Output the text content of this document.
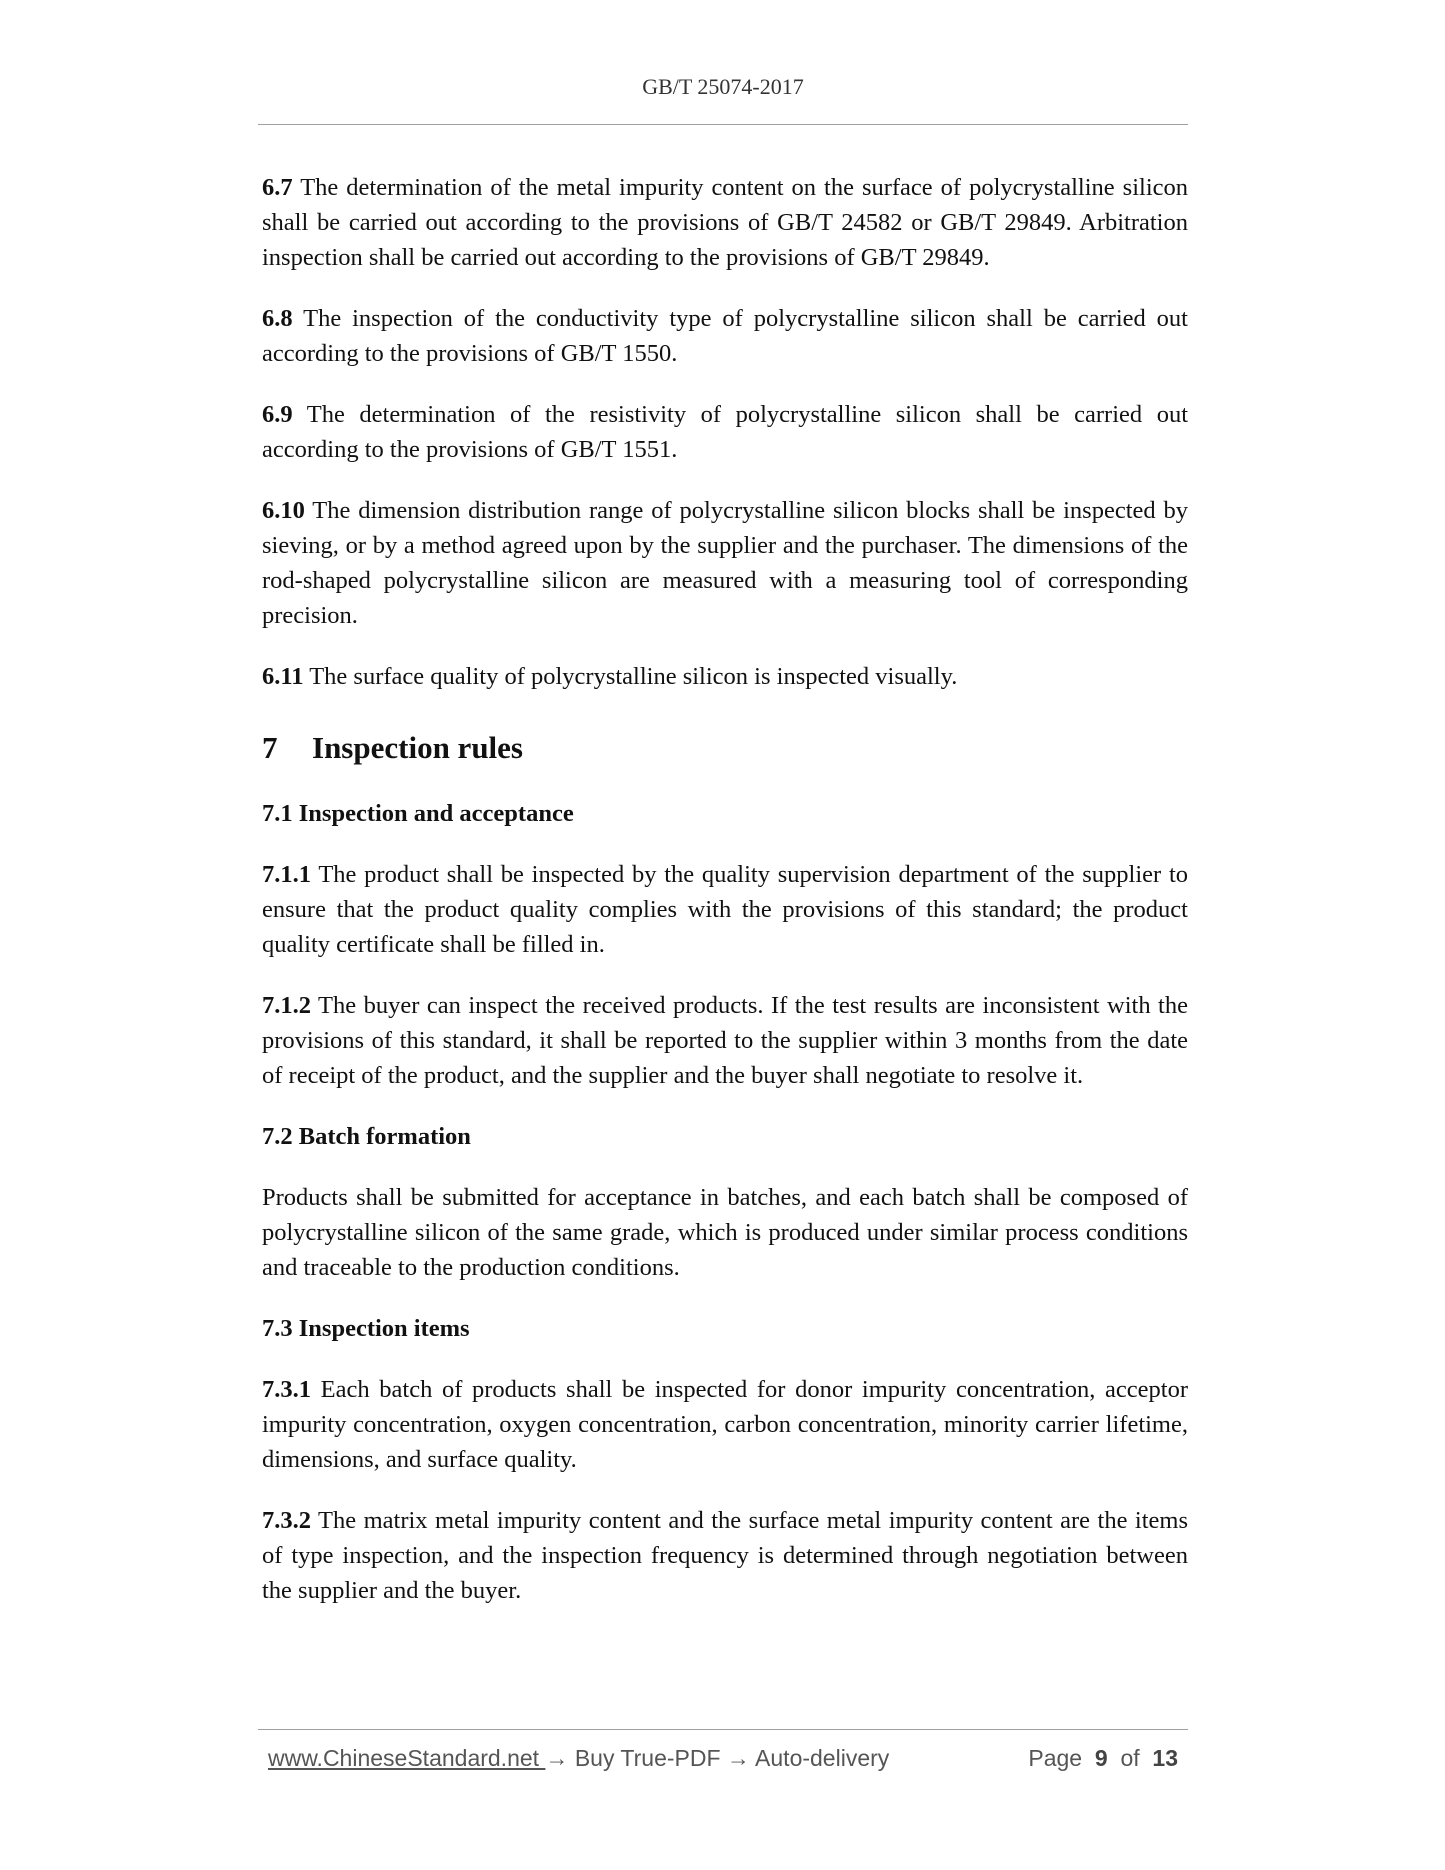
GB/T 25074-2017

6.7 The determination of the metal impurity content on the surface of polycrystalline silicon shall be carried out according to the provisions of GB/T 24582 or GB/T 29849. Arbitration inspection shall be carried out according to the provisions of GB/T 29849.

6.8 The inspection of the conductivity type of polycrystalline silicon shall be carried out according to the provisions of GB/T 1550.

6.9 The determination of the resistivity of polycrystalline silicon shall be carried out according to the provisions of GB/T 1551.

6.10 The dimension distribution range of polycrystalline silicon blocks shall be inspected by sieving, or by a method agreed upon by the supplier and the purchaser. The dimensions of the rod-shaped polycrystalline silicon are measured with a measuring tool of corresponding precision.

6.11 The surface quality of polycrystalline silicon is inspected visually.

7 Inspection rules
7.1 Inspection and acceptance

7.1.1 The product shall be inspected by the quality supervision department of the supplier to ensure that the product quality complies with the provisions of this standard; the product quality certificate shall be filled in.

7.1.2 The buyer can inspect the received products. If the test results are inconsistent with the provisions of this standard, it shall be reported to the supplier within 3 months from the date of receipt of the product, and the supplier and the buyer shall negotiate to resolve it.

7.2 Batch formation

Products shall be submitted for acceptance in batches, and each batch shall be composed of polycrystalline silicon of the same grade, which is produced under similar process conditions and traceable to the production conditions.

7.3 Inspection items

7.3.1 Each batch of products shall be inspected for donor impurity concentration, acceptor impurity concentration, oxygen concentration, carbon concentration, minority carrier lifetime, dimensions, and surface quality.

7.3.2 The matrix metal impurity content and the surface metal impurity content are the items of type inspection, and the inspection frequency is determined through negotiation between the supplier and the buyer.

www.ChineseStandard.net → Buy True-PDF → Auto-delivery	Page 9 of 13
